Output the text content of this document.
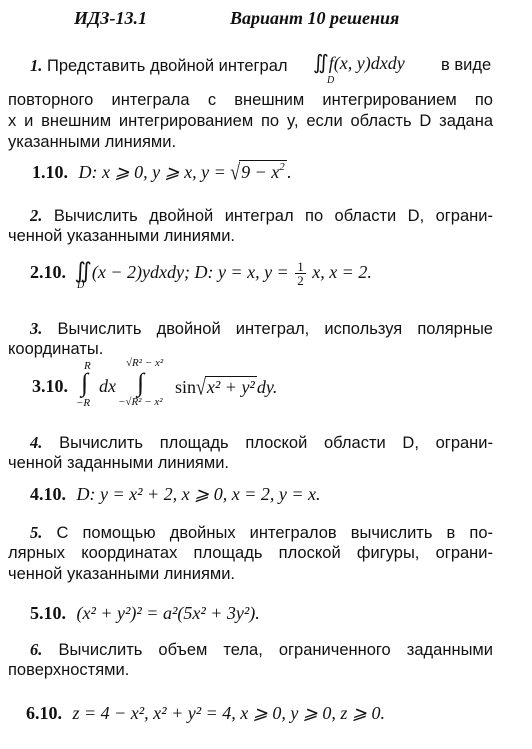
ИДЗ-13.1	Вариант 10 решения
1. Представить двойной интеграл ∬f(x, y)dxdy
D
в виде
повторного интеграла с внешним интегрированием по
x и внешним интегрированием по y, если область D задана
указанными линиями.
1.10. D: x ⩾ 0, y ⩾ x, $y = √9 - x^2$ .
2. Вычислить двойной интеграл по области D, ограни-
ченной указанными линиями.
2.10. ∬(x − 2)ydxdy; D: y = x, $y = \frac{1}{2} x$, x = 2.
D
3. Вычислить двойной интеграл, используя полярные
координаты.
3.10.
R
∫
−R
dx
√R² − x²
∫
−√R² − x²
sin√x² + y² dy.
4. Вычислить площадь плоской области D, ограни-
ченной заданными линиями.
4.10. D: y = x² + 2, x ⩾ 0, x = 2, y = x.
5. С помощью двойных интегралов вычислить в по-
лярных координатах площадь плоской фигуры, ограни-
ченной указанными линиями.
5.10. (x² + y²)² = a²(5x² + 3y²).
6. Вычислить объем тела, ограниченного заданными
поверхностями.
6.10. z = 4 − x², x² + y² = 4, x ⩾ 0, y ⩾ 0, z ⩾ 0.
